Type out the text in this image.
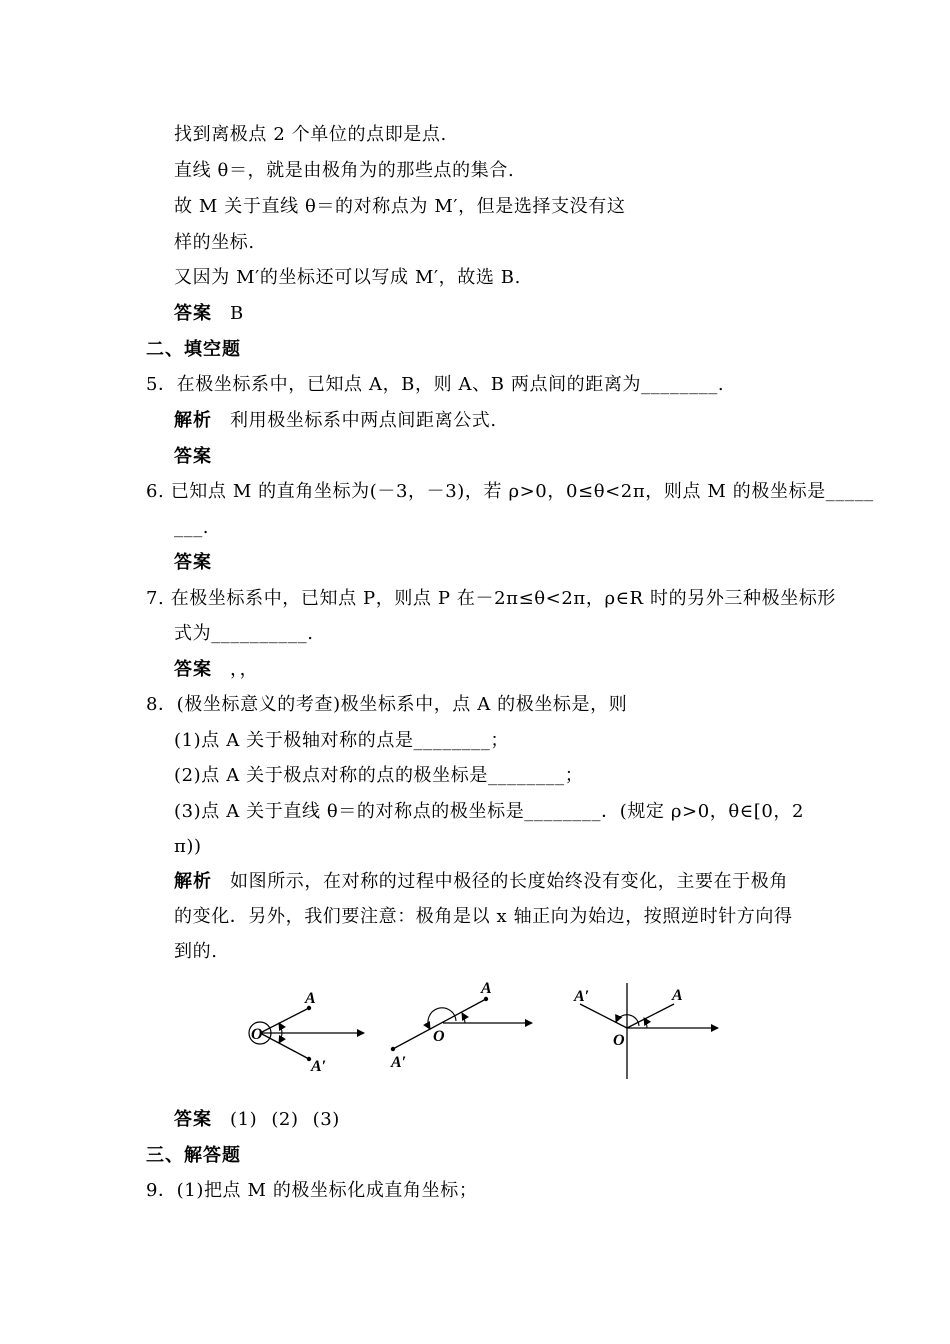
找到离极点 2 个单位的点即是点.
直线 θ＝，就是由极角为的那些点的集合.
故 M 关于直线 θ＝的对称点为 M′，但是选择支没有这
样的坐标.
又因为 M′的坐标还可以写成 M′，故选 B.
答案 B
二、填空题
5．在极坐标系中，已知点 A，B，则 A、B 两点间的距离为________.
解析 利用极坐标系中两点间距离公式.
答案
6. 已知点 M 的直角坐标为(－3，－3)，若 ρ>0，0≤θ<2π，则点 M 的极坐标是_____
___.
答案
7. 在极坐标系中，已知点 P，则点 P 在－2π≤θ<2π，ρ∈R 时的另外三种极坐标形
式为__________.
答案 ，，
8．(极坐标意义的考查)极坐标系中，点 A 的极坐标是，则
(1)点 A 关于极轴对称的点是________；
(2)点 A 关于极点对称的点的极坐标是________；
(3)点 A 关于直线 θ＝的对称点的极坐标是________．(规定 ρ>0，θ∈[0，2
π))
解析 如图所示，在对称的过程中极径的长度始终没有变化，主要在于极角
的变化．另外，我们要注意：极角是以 x 轴正向为始边，按照逆时针方向得
到的.
A
O
A′
A
O
A′
A′	A
O
答案 (1) (2) (3)
三、解答题
9．(1)把点 M 的极坐标化成直角坐标；
